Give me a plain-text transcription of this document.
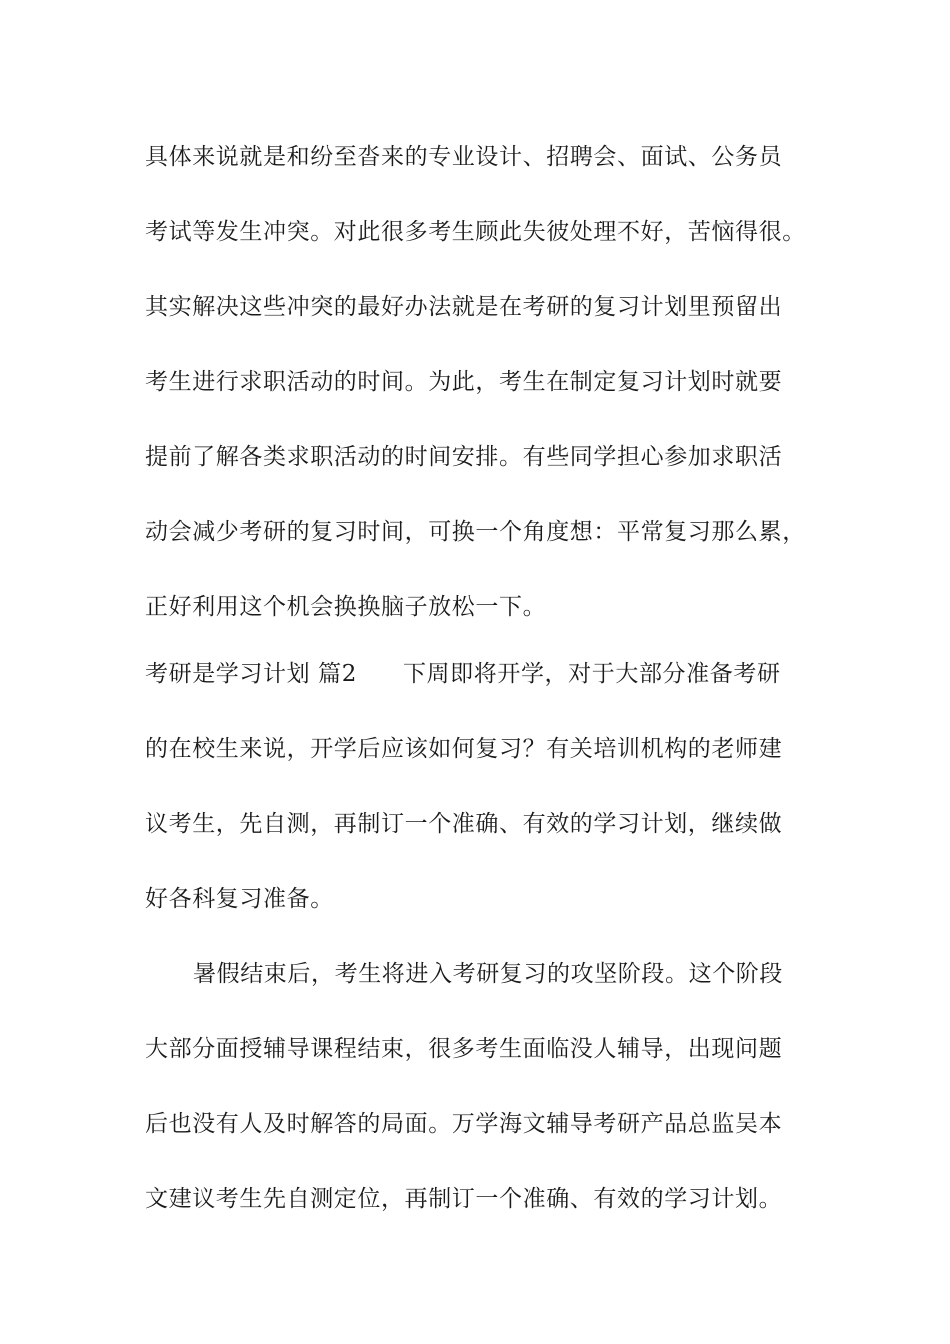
具体来说就是和纷至沓来的专业设计、招聘会、面试、公务员
考试等发生冲突。对此很多考生顾此失彼处理不好，苦恼得很。
其实解决这些冲突的最好办法就是在考研的复习计划里预留出
考生进行求职活动的时间。为此，考生在制定复习计划时就要
提前了解各类求职活动的时间安排。有些同学担心参加求职活
动会减少考研的复习时间，可换一个角度想：平常复习那么累，
正好利用这个机会换换脑子放松一下。
考研是学习计划 篇2 下周即将开学，对于大部分准备考研
的在校生来说，开学后应该如何复习？有关培训机构的老师建
议考生，先自测，再制订一个准确、有效的学习计划，继续做
好各科复习准备。
暑假结束后，考生将进入考研复习的攻坚阶段。这个阶段
大部分面授辅导课程结束，很多考生面临没人辅导，出现问题
后也没有人及时解答的局面。万学海文辅导考研产品总监吴本
文建议考生先自测定位，再制订一个准确、有效的学习计划。
